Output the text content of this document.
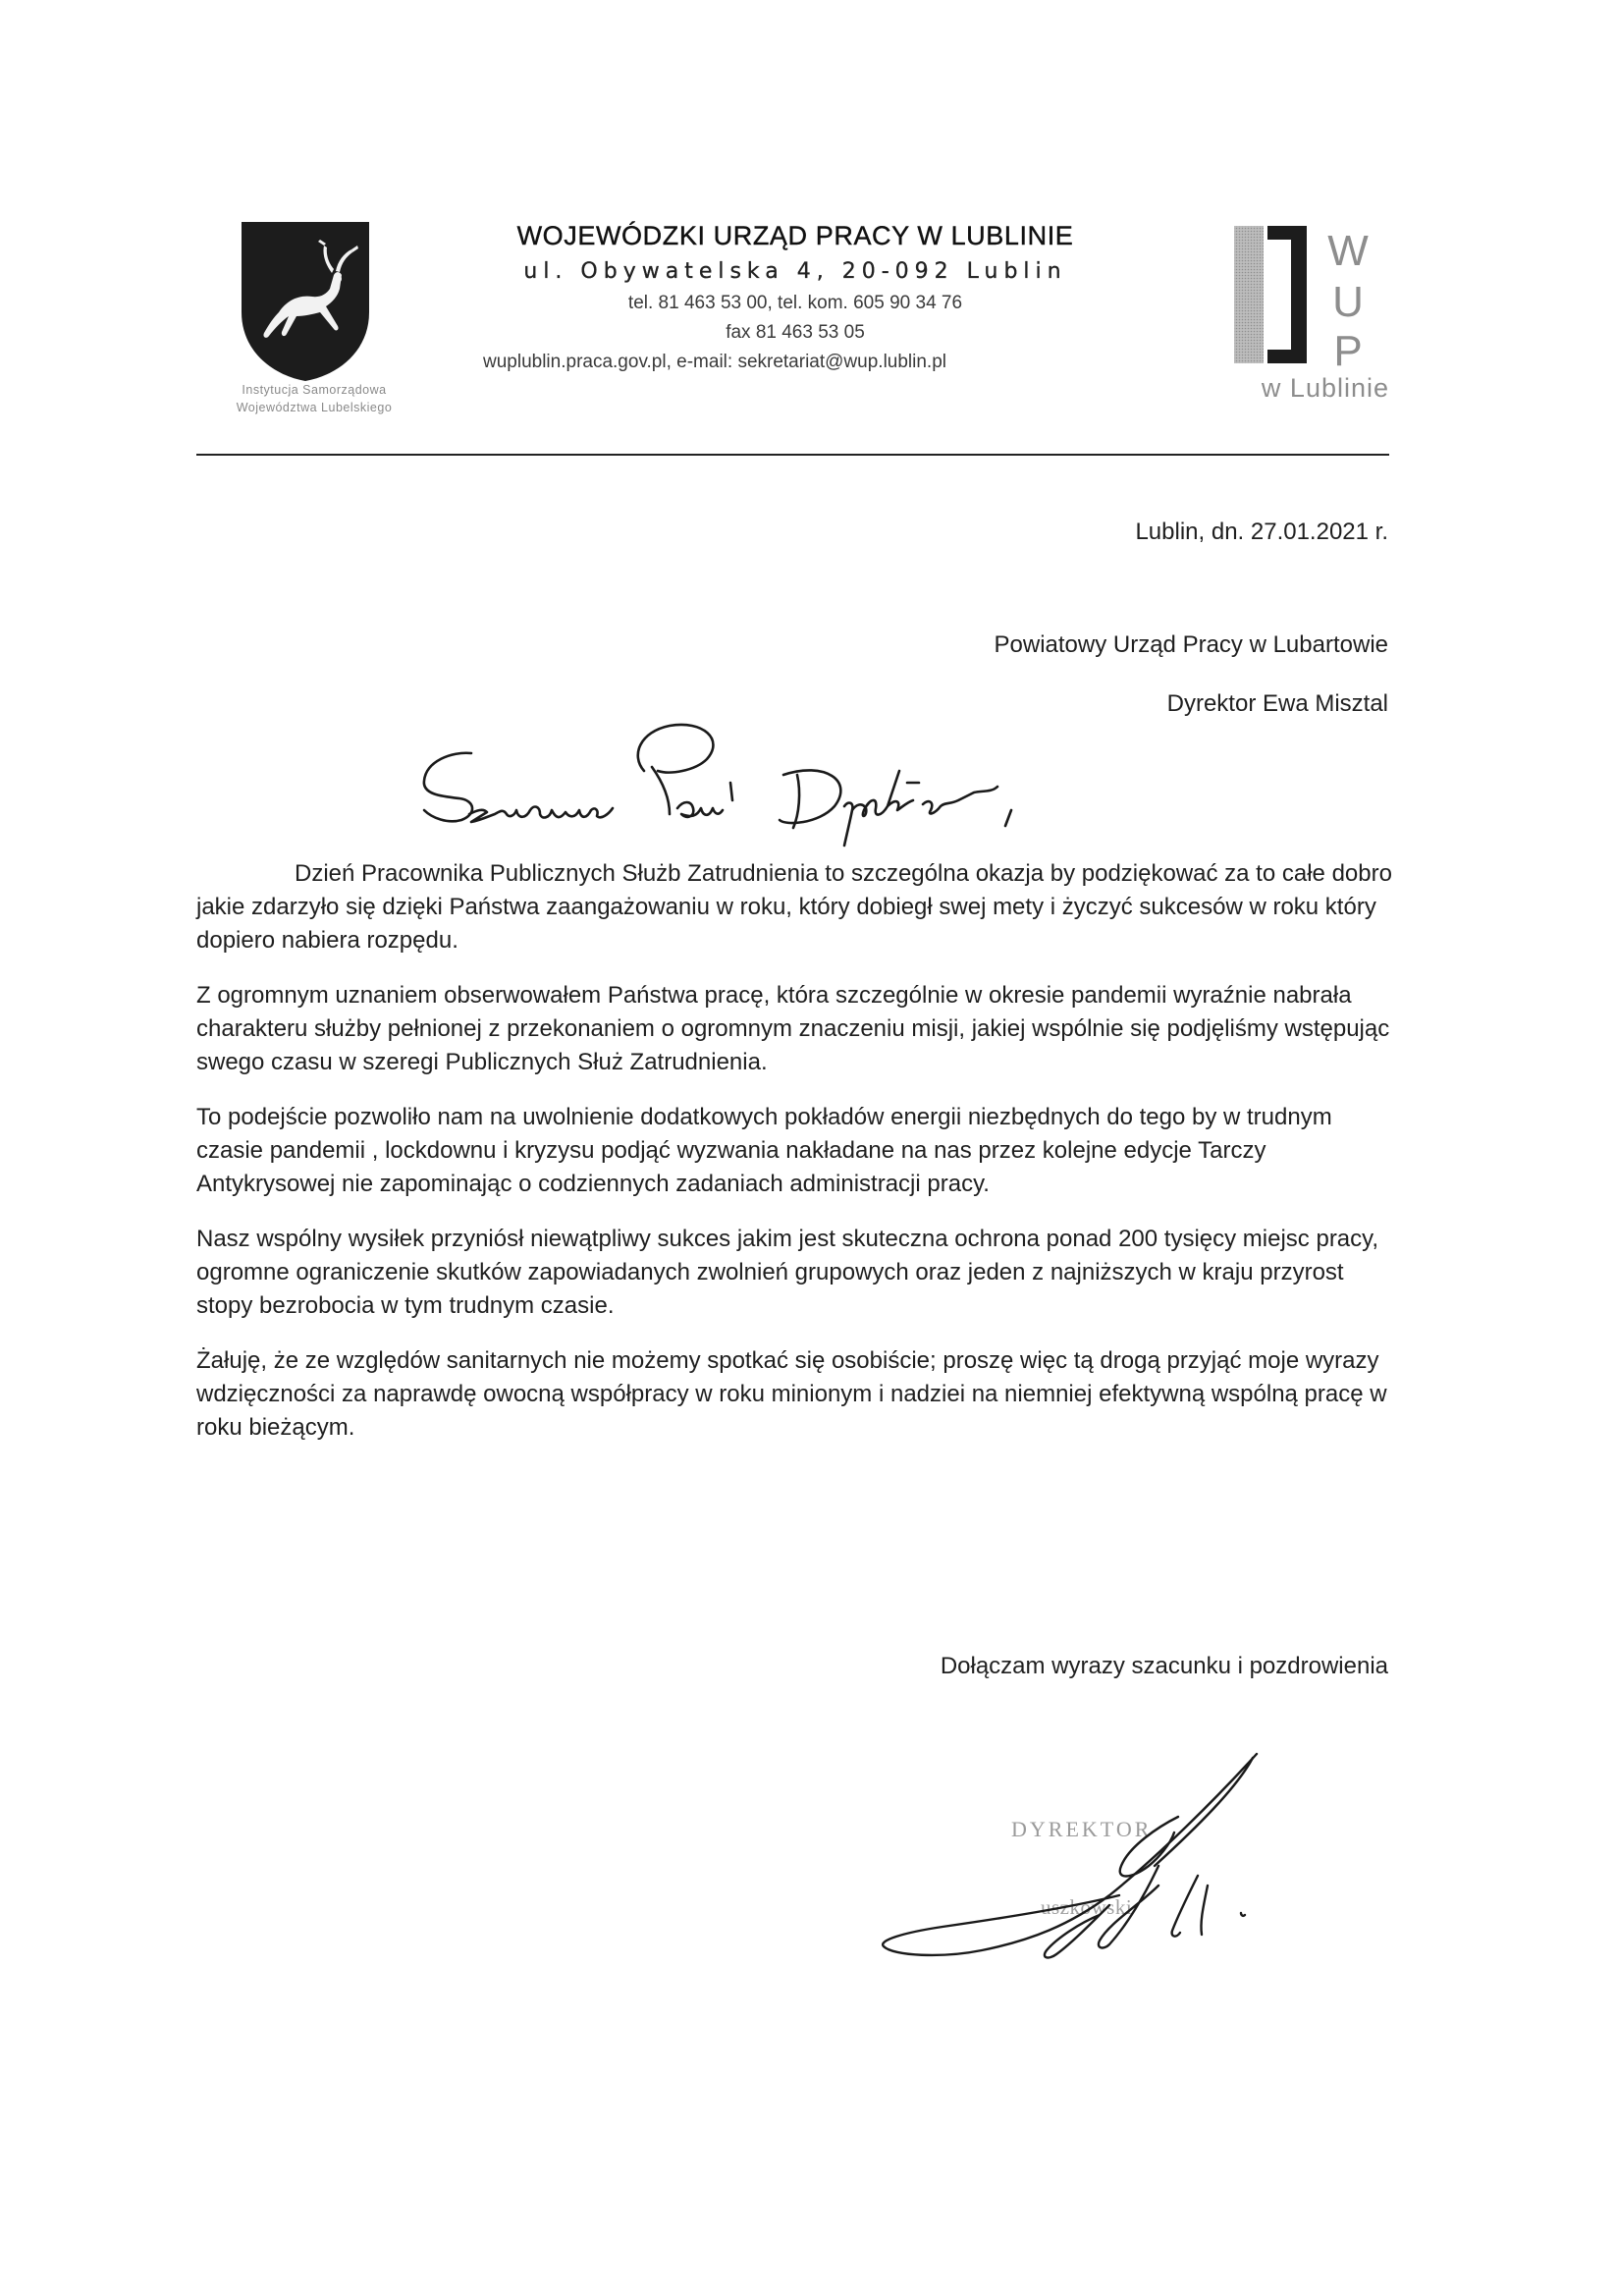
Instytucja Samorządowa
Województwa Lubelskiego
WOJEWÓDZKI URZĄD PRACY W LUBLINIE
ul. Obywatelska 4, 20-092 Lublin
tel. 81 463 53 00, tel. kom. 605 90 34 76
fax 81 463 53 05
wuplublin.praca.gov.pl, e-mail: sekretariat@wup.lublin.pl
W
U
P
w Lublinie
Lublin, dn. 27.01.2021 r.
Powiatowy Urząd Pracy w Lubartowie
Dyrektor Ewa Misztal

Dzień Pracownika Publicznych Służb Zatrudnienia to szczególna okazja by podziękować za to całe dobro jakie zdarzyło się dzięki Państwa zaangażowaniu w roku, który dobiegł swej mety i życzyć sukcesów w roku który dopiero nabiera rozpędu.

Z ogromnym uznaniem obserwowałem Państwa pracę, która szczególnie w okresie pandemii wyraźnie nabrała charakteru służby pełnionej z przekonaniem o ogromnym znaczeniu misji, jakiej wspólnie się podjęliśmy wstępując swego czasu w szeregi Publicznych Służ Zatrudnienia.

To podejście pozwoliło nam na uwolnienie dodatkowych pokładów energii niezbędnych do tego by w trudnym czasie pandemii , lockdownu i kryzysu podjąć wyzwania nakładane na nas przez kolejne edycje Tarczy Antykrysowej nie zapominając o codziennych zadaniach administracji pracy.

Nasz wspólny wysiłek przyniósł niewątpliwy sukces jakim jest skuteczna ochrona ponad 200 tysięcy miejsc pracy, ogromne ograniczenie skutków zapowiadanych zwolnień grupowych oraz jeden z najniższych w kraju przyrost stopy bezrobocia w tym trudnym czasie.

Żałuję, że ze względów sanitarnych nie możemy spotkać się osobiście; proszę więc tą drogą przyjąć moje wyrazy wdzięczności za naprawdę owocną współpracy w roku minionym i nadziei na niemniej efektywną wspólną pracę w roku bieżącym.

Dołączam wyrazy szacunku i pozdrowienia
DYREKTOR
uszkowski
